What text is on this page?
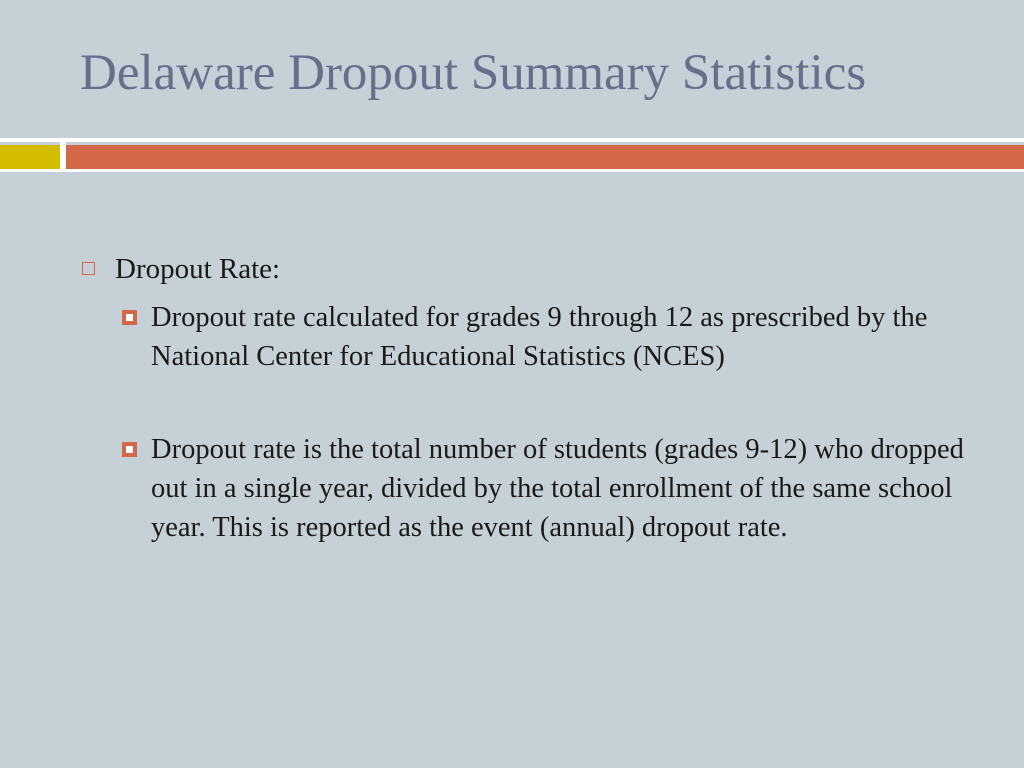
Delaware Dropout Summary Statistics
Dropout Rate:
Dropout rate calculated for grades 9 through 12 as prescribed by the National Center for Educational Statistics (NCES)
Dropout rate is the total number of students (grades 9-12) who dropped out in a single year, divided by the total enrollment of the same school year. This is reported as the event (annual) dropout rate.
